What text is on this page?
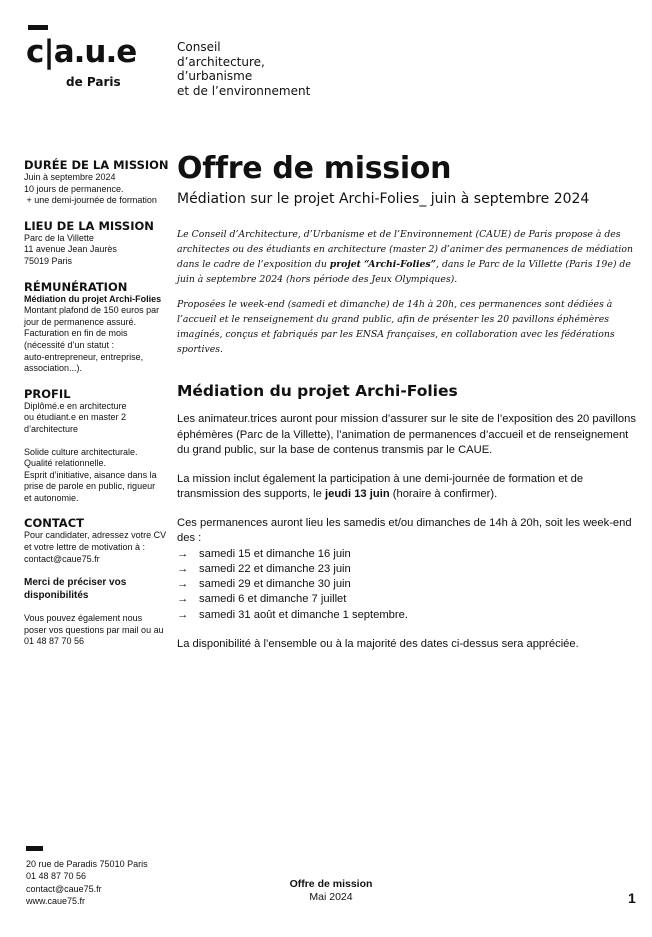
c|a.u.e
de Paris
Conseil
d’architecture,
d’urbanisme
et de l’environnement
DURÉE DE LA MISSION
Juin à septembre 2024
10 jours de permanence.
+ une demi-journée de formation
LIEU DE LA MISSION
Parc de la Villette
11 avenue Jean Jaurès
75019 Paris
RÉMUNÉRATION
Médiation du projet Archi-Folies
Montant plafond de 150 euros par
jour de permanence assuré.
Facturation en fin de mois
(nécessité d’un statut :
auto-entrepreneur, entreprise,
association...).
PROFIL
Diplômé.e en architecture
ou étudiant.e en master 2
d’architecture
Solide culture architecturale.
Qualité relationnelle.
Esprit d’initiative, aisance dans la
prise de parole en public, rigueur
et autonomie.
CONTACT
Pour candidater, adressez votre CV
et votre lettre de motivation à :
contact@caue75.fr
Merci de préciser vos disponibilités
Vous pouvez également nous
poser vos questions par mail ou au
01 48 87 70 56
Offre de mission
Médiation sur le projet Archi-Folies_ juin à septembre 2024

Le Conseil d’Architecture, d’Urbanisme et de l’Environnement (CAUE) de Paris propose à des architectes ou des étudiants en architecture (master 2) d’animer des permanences de médiation dans le cadre de l’exposition du projet “Archi-Folies”, dans le Parc de la Villette (Paris 19e) de juin à septembre 2024 (hors période des Jeux Olympiques).

Proposées le week-end (samedi et dimanche) de 14h à 20h, ces permanences sont dédiées à l’accueil et le renseignement du grand public, afin de présenter les 20 pavillons éphémères imaginés, conçus et fabriqués par les ENSA françaises, en collaboration avec les fédérations sportives.

Médiation du projet Archi-Folies

Les animateur.trices auront pour mission d’assurer sur le site de l’exposition des 20 pavillons éphémères (Parc de la Villette), l’animation de permanences d’accueil et de renseignement du grand public, sur la base de contenus transmis par le CAUE.

La mission inclut également la participation à une demi-journée de formation et de transmission des supports, le jeudi 13 juin (horaire à confirmer).

Ces permanences auront lieu les samedis et/ou dimanches de 14h à 20h, soit les week-end des :

→ samedi 15 et dimanche 16 juin
→ samedi 22 et dimanche 23 juin
→ samedi 29 et dimanche 30 juin
→ samedi 6 et dimanche 7 juillet
→ samedi 31 août et dimanche 1 septembre.

La disponibilité à l’ensemble ou à la majorité des dates ci-dessus sera appréciée.

20 rue de Paradis 75010 Paris
01 48 87 70 56
contact@caue75.fr
www.caue75.fr
Offre de mission
Mai 2024	1
